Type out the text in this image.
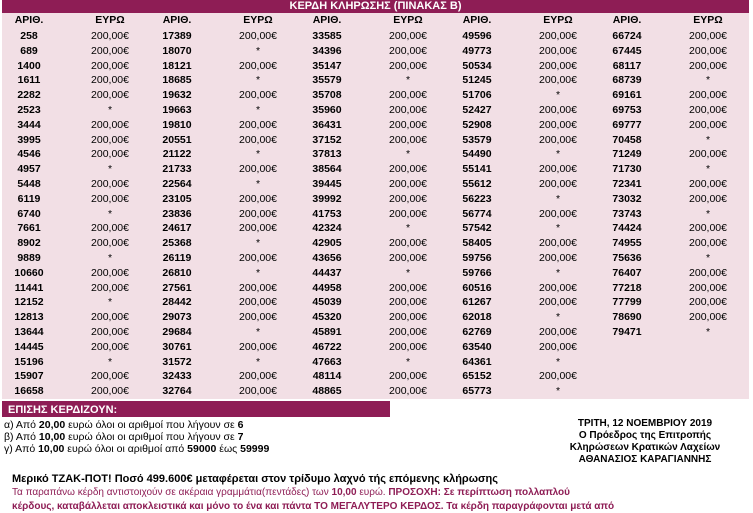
ΚΕΡΔΗ ΚΛΗΡΩΣΗΣ (ΠΙΝΑΚΑΣ Β)
ΑΡΙΘ.	ΕΥΡΩ
258	200,00€
689	200,00€
1400	200,00€
1611	200,00€
2282	200,00€
2523	*
3444	200,00€
3995	200,00€
4546	200,00€
4957	*
5448	200,00€
6119	200,00€
6740	*
7661	200,00€
8902	200,00€
9889	*
10660	200,00€
11441	200,00€
12152	*
12813	200,00€
13644	200,00€
14445	200,00€
15196	*
15907	200,00€
16658	200,00€
ΑΡΙΘ.	ΕΥΡΩ
17389	200,00€
18070	*
18121	200,00€
18685	*
19632	200,00€
19663	*
19810	200,00€
20551	200,00€
21122	*
21733	200,00€
22564	*
23105	200,00€
23836	200,00€
24617	200,00€
25368	*
26119	200,00€
26810	*
27561	200,00€
28442	200,00€
29073	200,00€
29684	*
30761	200,00€
31572	*
32433	200,00€
32764	200,00€
ΑΡΙΘ.	ΕΥΡΩ
33585	200,00€
34396	200,00€
35147	200,00€
35579	*
35708	200,00€
35960	200,00€
36431	200,00€
37152	200,00€
37813	*
38564	200,00€
39445	200,00€
39992	200,00€
41753	200,00€
42324	*
42905	200,00€
43656	200,00€
44437	*
44958	200,00€
45039	200,00€
45320	200,00€
45891	200,00€
46722	200,00€
47663	*
48114	200,00€
48865	200,00€
ΑΡΙΘ.	ΕΥΡΩ
49596	200,00€
49773	200,00€
50534	200,00€
51245	200,00€
51706	*
52427	200,00€
52908	200,00€
53579	200,00€
54490	*
55141	200,00€
55612	200,00€
56223	*
56774	200,00€
57542	*
58405	200,00€
59756	200,00€
59766	*
60516	200,00€
61267	200,00€
62018	*
62769	200,00€
63540	200,00€
64361	*
65152	200,00€
65773	*
ΑΡΙΘ.	ΕΥΡΩ
66724	200,00€
67445	200,00€
68117	200,00€
68739	*
69161	200,00€
69753	200,00€
69777	200,00€
70458	*
71249	200,00€
71730	*
72341	200,00€
73032	200,00€
73743	*
74424	200,00€
74955	200,00€
75636	*
76407	200,00€
77218	200,00€
77799	200,00€
78690	200,00€
79471	*
ΕΠΙΣΗΣ ΚΕΡΔΙΖΟΥΝ:
α) Από 20,00 ευρώ όλοι οι αριθμοί που λήγουν σε 6
β) Από 10,00 ευρώ όλοι οι αριθμοί που λήγουν σε 7
γ) Από 10,00 ευρώ όλοι οι αριθμοί από 59000 έως 59999
ΤΡΙΤΗ, 12 ΝΟΕΜΒΡΙΟΥ 2019
Ο Πρόεδρος της Επιτροπής
Κληρώσεων Κρατικών Λαχείων
ΑΘΑΝΑΣΙΟΣ ΚΑΡΑΓΙΑΝΝΗΣ
Μερικό ΤΖΑΚ-ΠΟΤ! Ποσό 499.600€ μεταφέρεται στον τρίδυμο λαχνό τής επόμενης κλήρωσης
Τα παραπάνω κέρδη αντιστοιχούν σε ακέραια γραμμάτια(πεντάδες) των 10,00 ευρώ. ΠΡΟΣΟΧΗ: Σε περίπτωση πολλαπλού
κέρδους, καταβάλλεται αποκλειστικά και μόνο το ένα και πάντα ΤΟ ΜΕΓΑΛΥΤΕΡΟ ΚΕΡΔΟΣ. Τα κέρδη παραγράφονται μετά από
